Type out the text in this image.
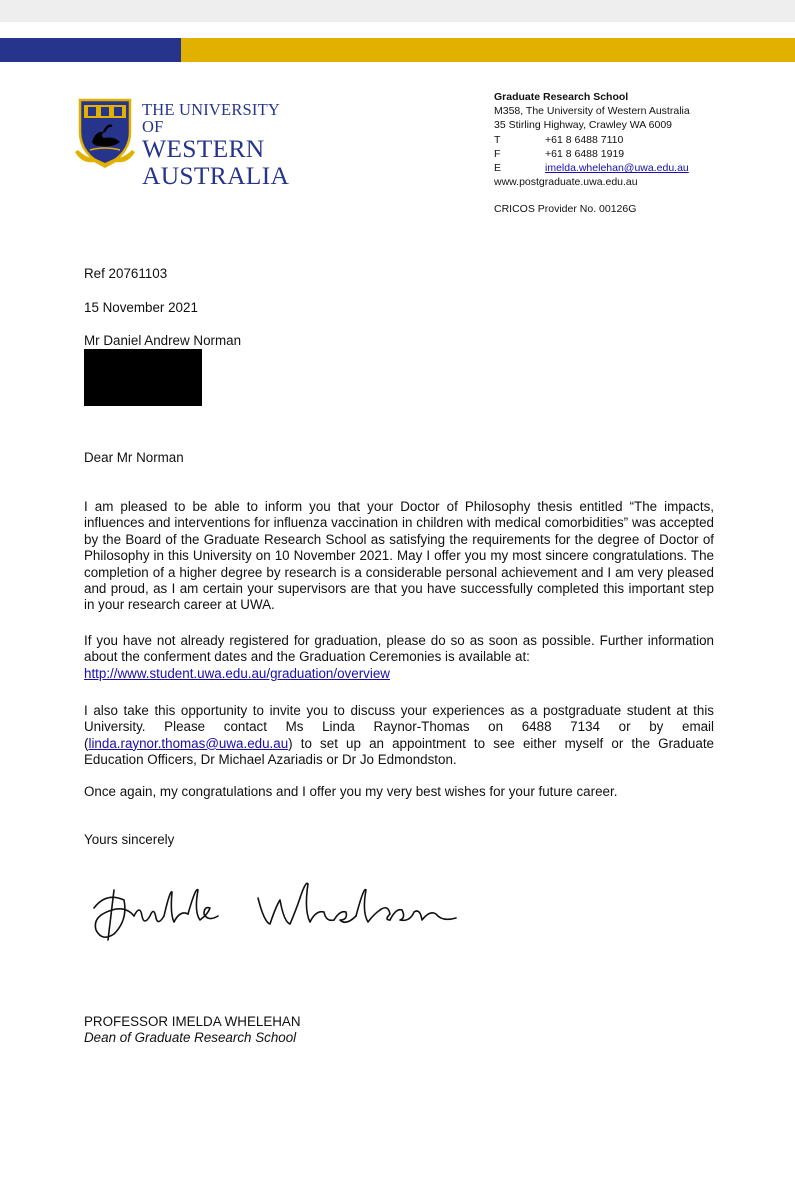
THE UNIVERSITY OF
WESTERN
AUSTRALIA
Graduate Research School
M358, The University of Western Australia
35 Stirling Highway, Crawley WA 6009
T	+61 8 6488 7110
F	+61 8 6488 1919
E	imelda.whelehan@uwa.edu.au
www.postgraduate.uwa.edu.au
CRICOS Provider No. 00126G
Ref 20761103
15 November 2021
Mr Daniel Andrew Norman
Dear Mr Norman
I am pleased to be able to inform you that your Doctor of Philosophy thesis entitled “The impacts, influences and interventions for influenza vaccination in children with medical comorbidities” was accepted by the Board of the Graduate Research School as satisfying the requirements for the degree of Doctor of Philosophy in this University on 10 November 2021. May I offer you my most sincere congratulations. The completion of a higher degree by research is a considerable personal achievement and I am very pleased and proud, as I am certain your supervisors are that you have successfully completed this important step in your research career at UWA.
If you have not already registered for graduation, please do so as soon as possible. Further information about the conferment dates and the Graduation Ceremonies is available at:
http://www.student.uwa.edu.au/graduation/overview
I also take this opportunity to invite you to discuss your experiences as a postgraduate student at this University. Please contact Ms Linda Raynor-Thomas on 6488 7134 or by email (linda.raynor.thomas@uwa.edu.au) to set up an appointment to see either myself or the Graduate Education Officers, Dr Michael Azariadis or Dr Jo Edmondston.
Once again, my congratulations and I offer you my very best wishes for your future career.
Yours sincerely
PROFESSOR IMELDA WHELEHAN
Dean of Graduate Research School
